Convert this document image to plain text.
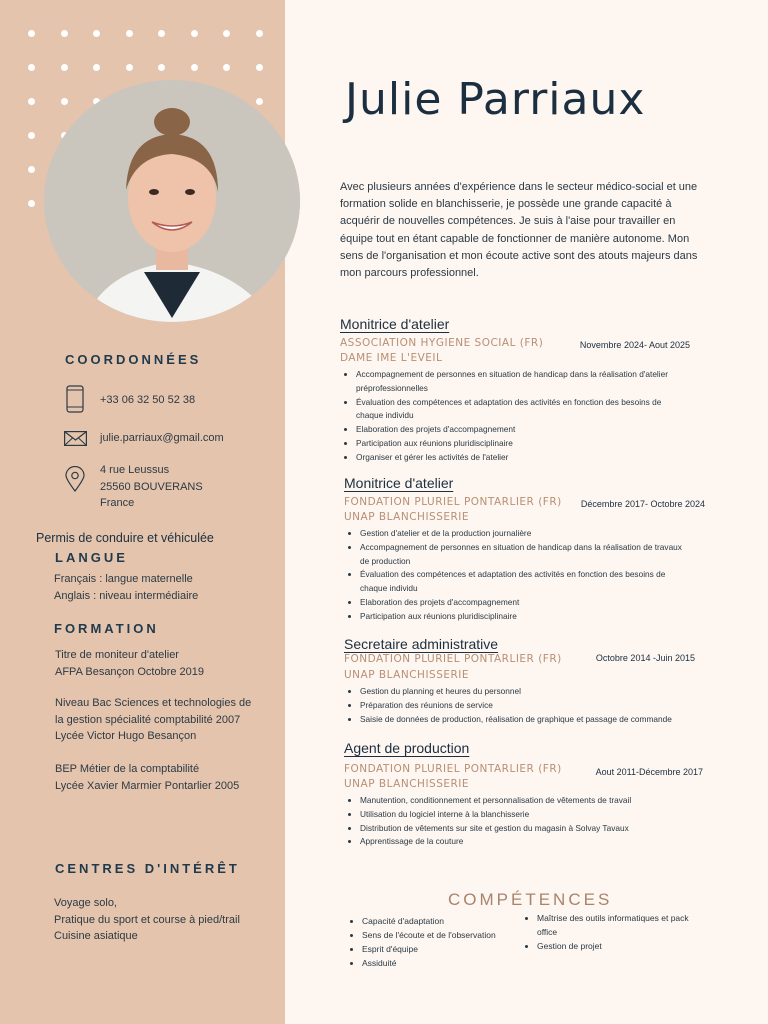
COORDONNÉES
+33 06 32 50 52 38
julie.parriaux@gmail.com
4 rue Leussus
25560 BOUVERANS
France
Permis de conduire et véhiculée
LANGUE
Français : langue maternelle
Anglais : niveau intermédiaire
FORMATION
Titre de moniteur d'atelier
AFPA Besançon Octobre 2019
Niveau Bac Sciences et technologies de
la gestion spécialité comptabilité 2007
Lycée Victor Hugo Besançon
BEP Métier de la comptabilité
Lycée Xavier Marmier Pontarlier 2005
CENTRES D'INTÉRÊT
Voyage solo,
Pratique du sport et course à pied/trail
Cuisine asiatique
Julie Parriaux
Avec plusieurs années d'expérience dans le secteur médico-social et une formation solide en blanchisserie, je possède une grande capacité à acquérir de nouvelles compétences. Je suis à l'aise pour travailler en équipe tout en étant capable de fonctionner de manière autonome. Mon sens de l'organisation et mon écoute active sont des atouts majeurs dans mon parcours professionnel.
Monitrice d'atelier
Novembre 2024- Aout 2025
ASSOCIATION HYGIENE SOCIAL (FR)
DAME IME L'EVEIL
• Accompagnement de personnes en situation de handicap dans la réalisation d'atelier
préprofessionnelles
• Évaluation des compétences et adaptation des activités en fonction des besoins de
chaque individu
• Elaboration des projets d'accompagnement
• Participation aux réunions pluridisciplinaire
• Organiser et gérer les activités de l'atelier
Monitrice d'atelier
Décembre 2017- Octobre 2024
FONDATION PLURIEL PONTARLIER (FR)
UNAP BLANCHISSERIE
• Gestion d'atelier et de la production journalière
• Accompagnement de personnes en situation de handicap dans la réalisation de travaux
de production
• Évaluation des compétences et adaptation des activités en fonction des besoins de
chaque individu
• Elaboration des projets d'accompagnement
• Participation aux réunions pluridisciplinaire
Secretaire administrative
Octobre 2014 -Juin 2015
FONDATION PLURIEL PONTARLIER (FR)
UNAP BLANCHISSERIE
• Gestion du planning et heures du personnel
• Préparation des réunions de service
• Saisie de données de production, réalisation de graphique et passage de commande
Agent de production
Aout 2011-Décembre 2017
FONDATION PLURIEL PONTARLIER (FR)
UNAP BLANCHISSERIE
• Manutention, conditionnement et personnalisation de vêtements de travail
• Utilisation du logiciel interne à la blanchisserie
• Distribution de vêtements sur site et gestion du magasin à Solvay Tavaux
• Apprentissage de la couture
COMPÉTENCES
• Capacité d'adaptation
• Sens de l'écoute et de l'observation
• Esprit d'équipe
• Assiduité
• Maîtrise des outils informatiques et pack
office
• Gestion de projet
